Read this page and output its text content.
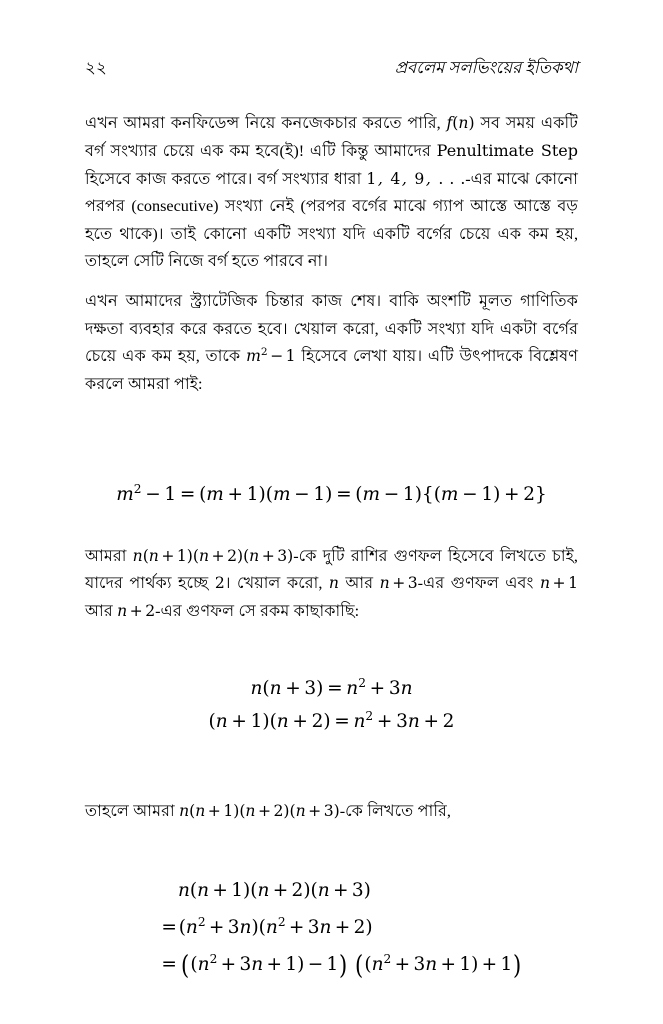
২২	প্রবলেম সলভিংয়ের ইতিকথা

এখন আমরা কনফিডেন্স নিয়ে কনজেকচার করতে পারি, f(n) সব সময় একটি বর্গ সংখ্যার চেয়ে এক কম হবে(ই)! এটি কিন্তু আমাদের Penultimate Step হিসেবে কাজ করতে পারে। বর্গ সংখ্যার ধারা 1, 4, 9, . . .-এর মাঝে কোনো পরপর (consecutive) সংখ্যা নেই (পরপর বর্গের মাঝে গ্যাপ আস্তে আস্তে বড় হতে থাকে)। তাই কোনো একটি সংখ্যা যদি একটি বর্গের চেয়ে এক কম হয়, তাহলে সেটি নিজে বর্গ হতে পারবে না।

এখন আমাদের স্ট্র্যাটেজিক চিন্তার কাজ শেষ। বাকি অংশটি মূলত গাণিতিক দক্ষতা ব্যবহার করে করতে হবে। খেয়াল করো, একটি সংখ্যা যদি একটা বর্গের চেয়ে এক কম হয়, তাকে $m^2 - 1$ হিসেবে লেখা যায়। এটি উৎপাদকে বিশ্লেষণ করলে আমরা পাই:

$m^2 - 1 = (m + 1)(m - 1) = (m - 1)\{(m - 1) + 2\}$

আমরা n(n + 1)(n + 2)(n + 3)-কে দুটি রাশির গুণফল হিসেবে লিখতে চাই, যাদের পার্থক্য হচ্ছে 2। খেয়াল করো, n আর n + 3-এর গুণফল এবং n + 1 আর n + 2-এর গুণফল সে রকম কাছাকাছি:

$n(n + 3) = n^2 + 3n$
$(n + 1)(n + 2) = n^2 + 3n + 2$

তাহলে আমরা n(n + 1)(n + 2)(n + 3)-কে লিখতে পারি,

n(n + 1)(n + 2)(n + 3)
$=(n^2 + 3n)(n^2 + 3n + 2)$
= $((n^2 + 3n + 1) - 1) ((n^2 + 3n + 1) + 1)$
